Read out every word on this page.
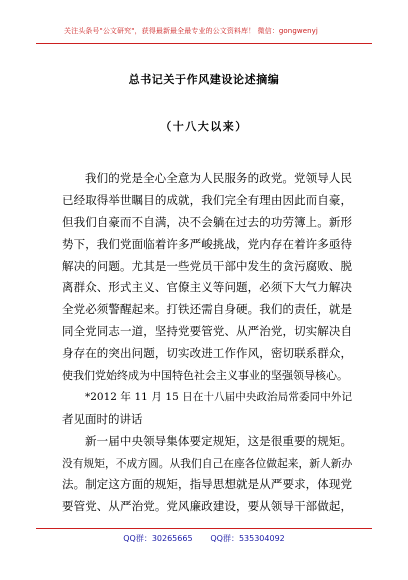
关注头条号"公文研究"，获得最新最全最专业的公文资料库！ 微信：gongwenyj
总书记关于作风建设论述摘编
（十八大以来）
我们的党是全心全意为人民服务的政党。党领导人民
已经取得举世瞩目的成就，我们完全有理由因此而自豪，
但我们自豪而不自满，决不会躺在过去的功劳簿上。新形
势下，我们党面临着许多严峻挑战，党内存在着许多亟待
解决的问题。尤其是一些党员干部中发生的贪污腐败、脱
离群众、形式主义、官僚主义等问题，必须下大气力解决
全党必须警醒起来。打铁还需自身硬。我们的责任，就是
同全党同志一道，坚持党要管党、从严治党，切实解决自
身存在的突出问题，切实改进工作作风，密切联系群众，
使我们党始终成为中国特色社会主义事业的坚强领导核心。
*2012 年 11 月 15 日在十八届中央政治局常委同中外记
者见面时的讲话
新一届中央领导集体要定规矩，这是很重要的规矩。
没有规矩，不成方圆。从我们自己在座各位做起来，新人新办
法。制定这方面的规矩，指导思想就是从严要求，体现党
要管党、从严治党。党风廉政建设，要从领导干部做起，
QQ群：30265665       QQ群：535304092
